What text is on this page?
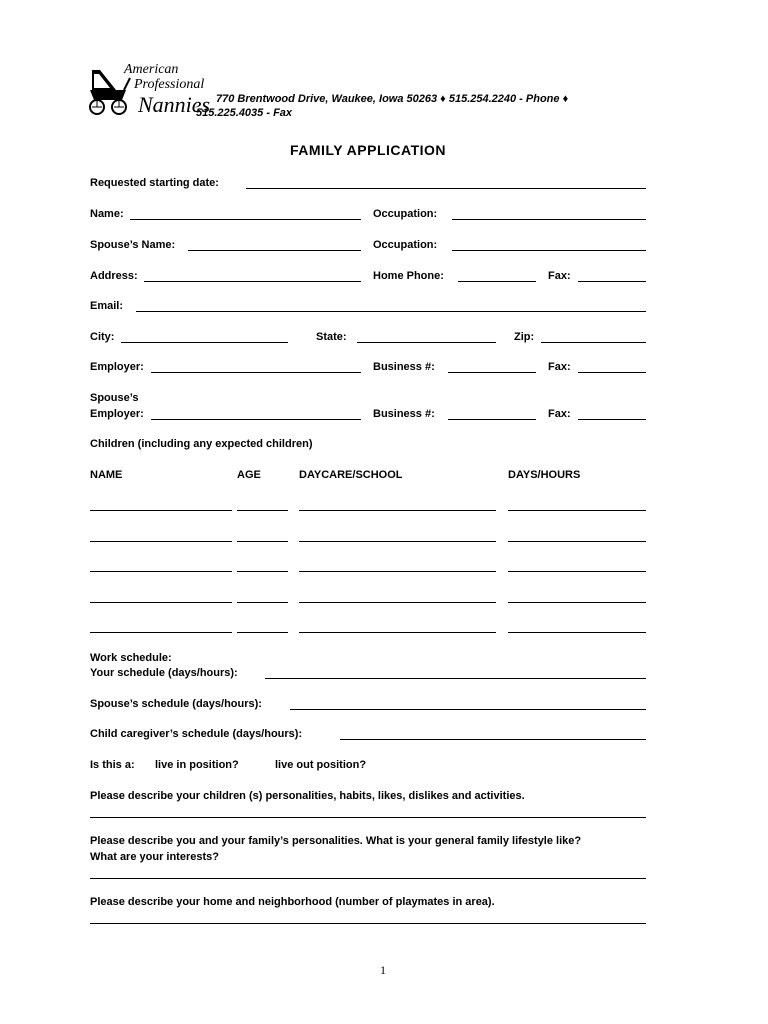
American
Professional
Nannies 770 Brentwood Drive, Waukee, Iowa 50263 ♦ 515.254.2240 - Phone ♦
515.225.4035 - Fax
FAMILY APPLICATION
Requested starting date:
Name:	Occupation:
Spouse’s Name:	Occupation:
Address:	Home Phone:	Fax:
Email:
City:	State:	Zip:
Employer:	Business #:	Fax:
Spouse’s
Employer:	Business #:	Fax:
Children (including any expected children)
NAME	AGE	DAYCARE/SCHOOL	DAYS/HOURS
Work schedule:
Your schedule (days/hours):
Spouse’s schedule (days/hours):
Child caregiver’s schedule (days/hours):
Is this a: live in position?	live out position?
Please describe your children (s) personalities, habits, likes, dislikes and activities.
Please describe you and your family’s personalities. What is your general family lifestyle like?
What are your interests?
Please describe your home and neighborhood (number of playmates in area).
1
